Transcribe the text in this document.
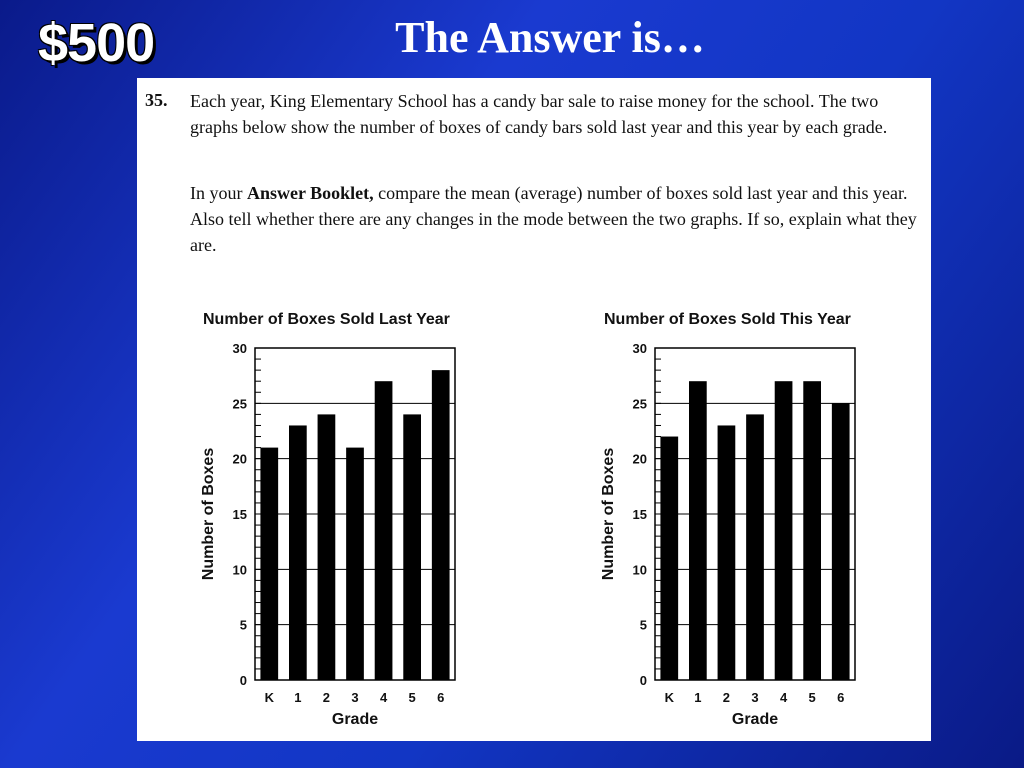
$500	The Answer is…
35. Each year, King Elementary School has a candy bar sale to raise money for the school. The two graphs below show the number of boxes of candy bars sold last year and this year by each grade.
In your Answer Booklet, compare the mean (average) number of boxes sold last year and this year. Also tell whether there are any changes in the mode between the two graphs. If so, explain what they are.
Number of Boxes Sold Last Year
0
5
10
15
20
25
30
K 1 2 3 4 5 6
Grade
Number of Boxes
Number of Boxes Sold This Year
0
5
10
15
20
25
30
K 1 2 3 4 5 6
Grade
Number of Boxes
